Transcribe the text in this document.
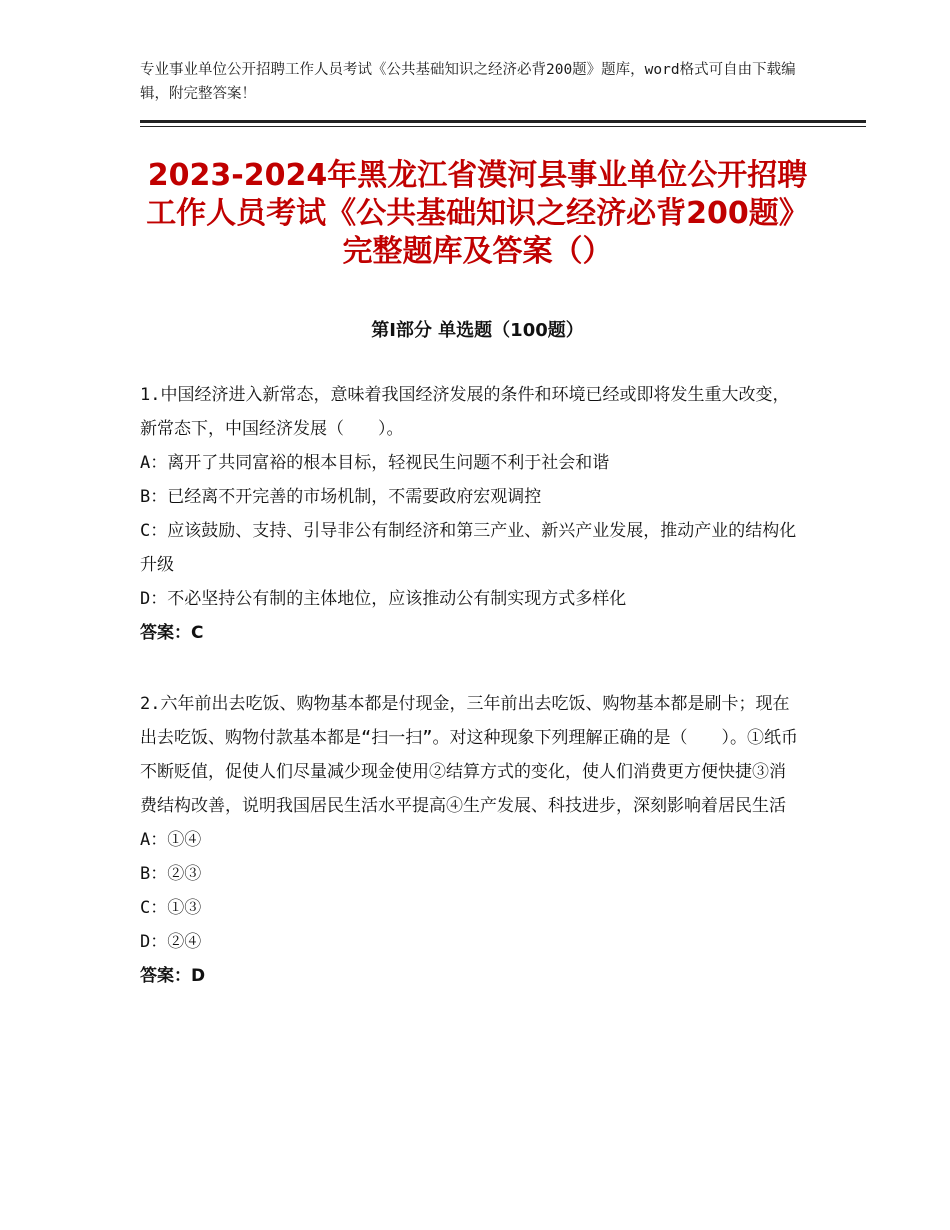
专业事业单位公开招聘工作人员考试《公共基础知识之经济必背200题》题库，word格式可自由下载编辑，附完整答案！
2023-2024年黑龙江省漠河县事业单位公开招聘工作人员考试《公共基础知识之经济必背200题》完整题库及答案（）
第Ⅰ部分 单选题（100题）

1.中国经济进入新常态，意味着我国经济发展的条件和环境已经或即将发生重大改变，新常态下，中国经济发展（　　）。

A：离开了共同富裕的根本目标，轻视民生问题不利于社会和谐

B：已经离不开完善的市场机制，不需要政府宏观调控

C：应该鼓励、支持、引导非公有制经济和第三产业、新兴产业发展，推动产业的结构化升级

D：不必坚持公有制的主体地位，应该推动公有制实现方式多样化

答案：C

2.六年前出去吃饭、购物基本都是付现金，三年前出去吃饭、购物基本都是刷卡；现在出去吃饭、购物付款基本都是“扫一扫”。对这种现象下列理解正确的是（　　）。①纸币不断贬值，促使人们尽量减少现金使用②结算方式的变化，使人们消费更方便快捷③消费结构改善，说明我国居民生活水平提高④生产发展、科技进步，深刻影响着居民生活

A：①④

B：②③

C：①③

D：②④

答案：D
